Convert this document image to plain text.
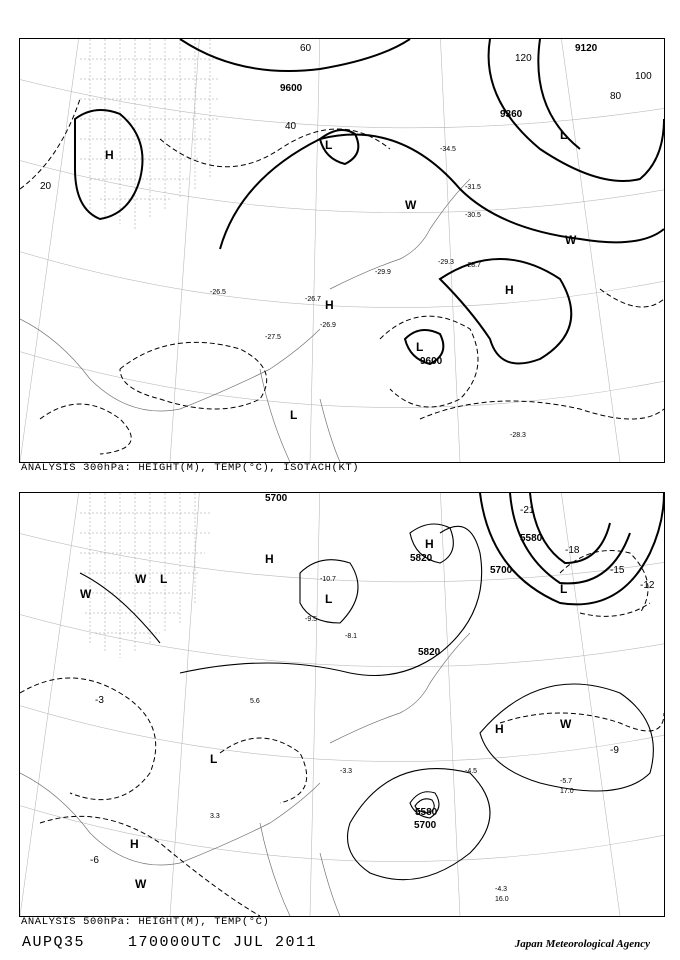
9600
9360
9120
9600
20
40
60
80
100
120
H
L
L
H
H
L
W
W
L
-28.3
-30.5
-29.9
-34.5
-26.5
-29.3 -28.7
-31.5
-27.5
-26.7
-26.9
ANALYSIS 300hPa: HEIGHT(M), TEMP(°C), ISOTACH(KT)
5700
5820
5700
5580
5820
5580
5700
-3
-6
-12
-15
-18
-21
-9
H
L
W
H
L
L
W
W
H
H
L
W
-10.7
-9.5
-8.1
-4.5
-5.7
-3.3
-4.3
17.0
16.0
3.3
5.6
ANALYSIS 500hPa: HEIGHT(M), TEMP(°C)
AUPQ35	170000UTC JUL 2011	Japan Meteorological Agency
